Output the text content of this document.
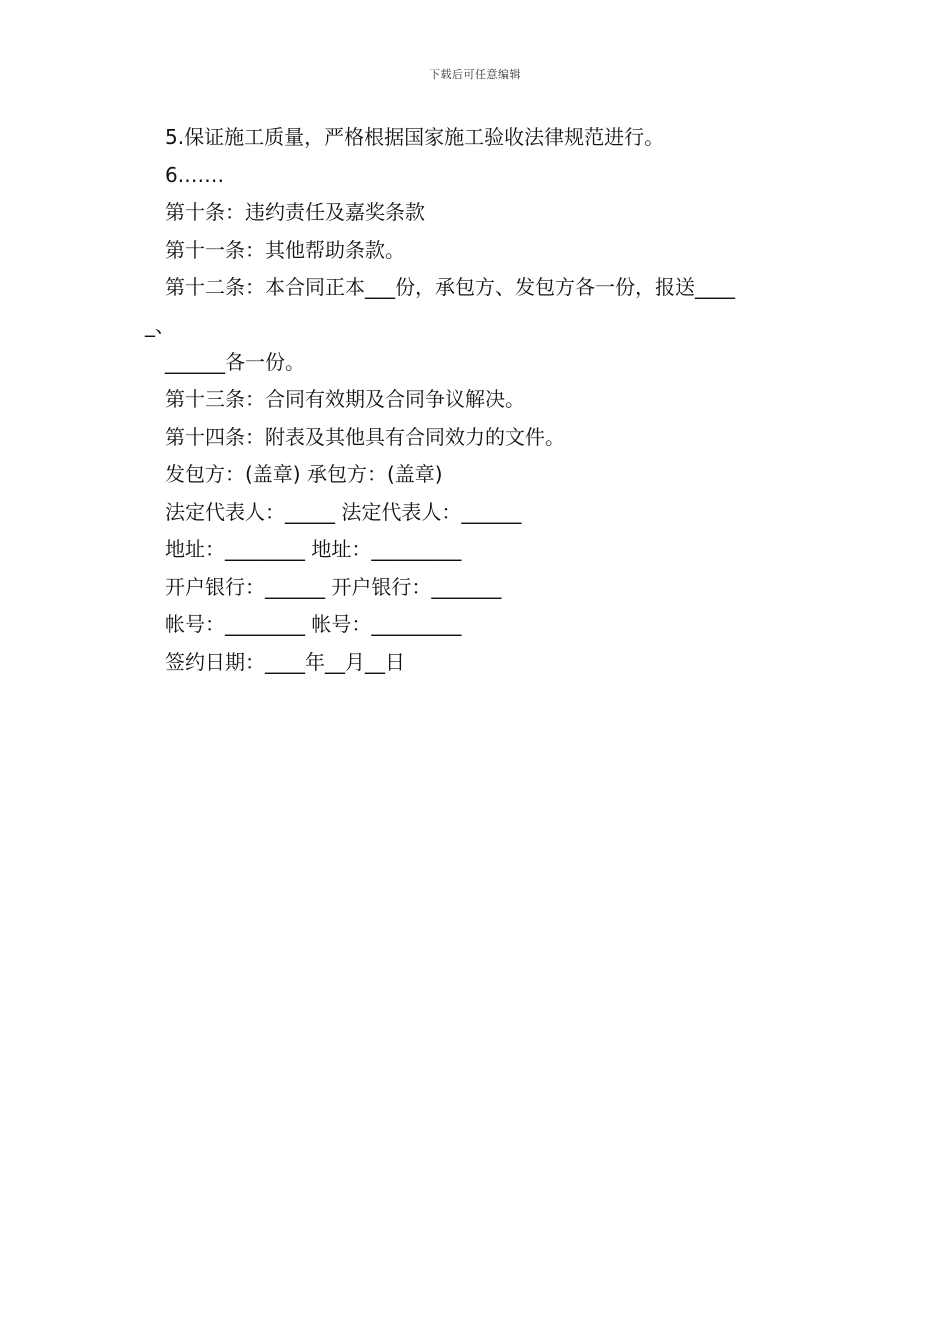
下载后可任意编辑
5.保证施工质量，严格根据国家施工验收法律规范进行。
6.……
第十条：违约责任及嘉奖条款
第十一条：其他帮助条款。
第十二条：本合同正本___份，承包方、发包方各一份，报送____
_、
______各一份。
第十三条：合同有效期及合同争议解决。
第十四条：附表及其他具有合同效力的文件。
发包方：(盖章) 承包方：(盖章)
法定代表人：_____ 法定代表人：______
地址：________ 地址：_________
开户银行：______ 开户银行：_______
帐号：________ 帐号：_________
签约日期：____年__月__日
